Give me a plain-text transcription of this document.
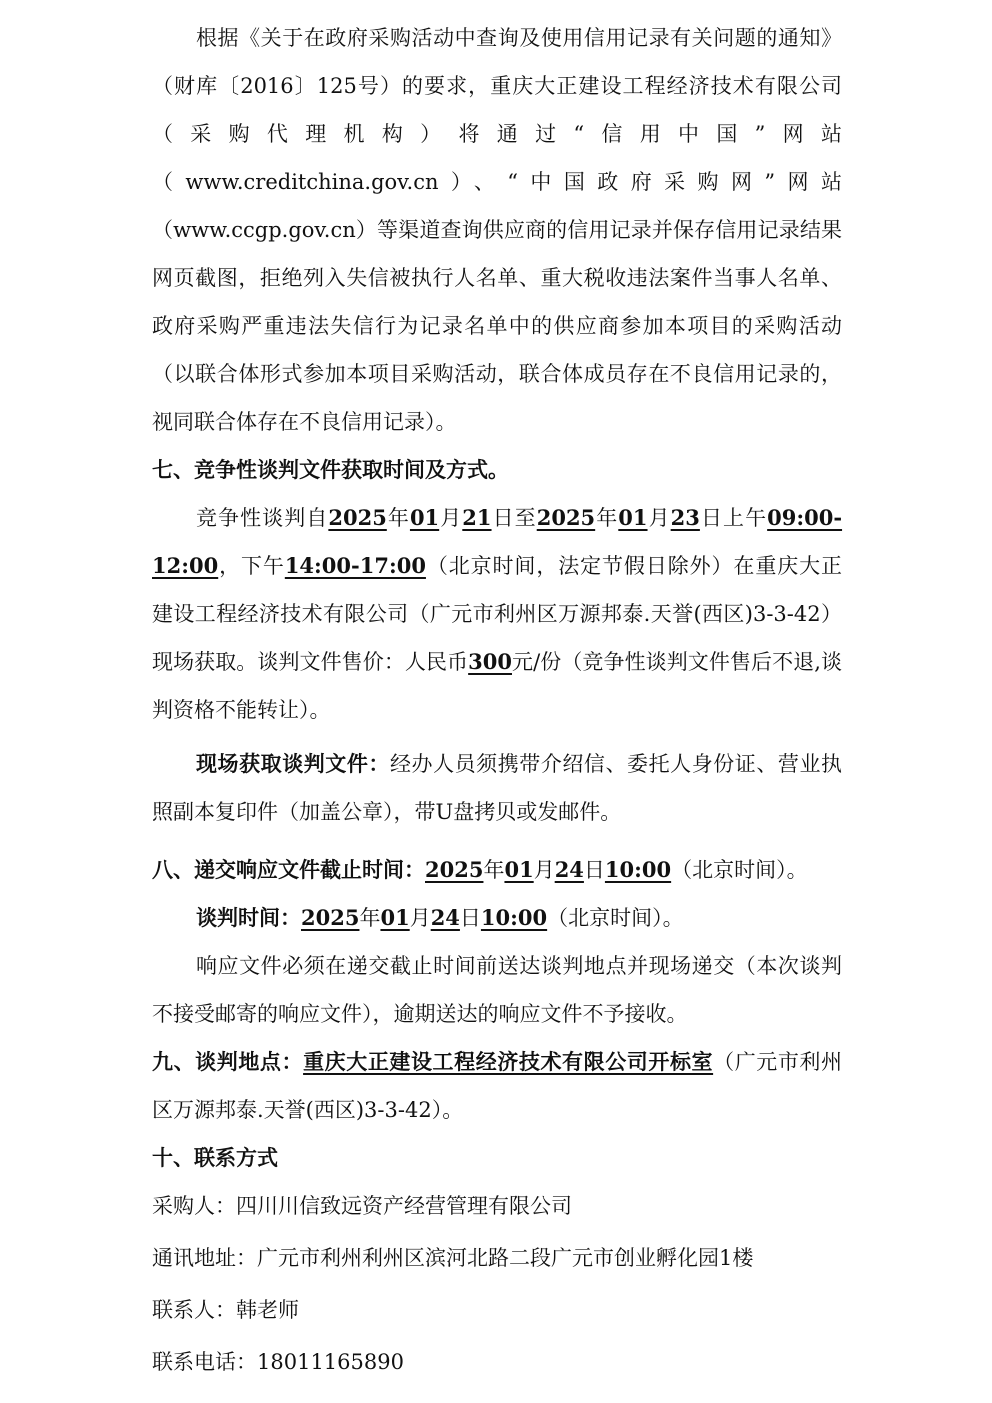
根据《关于在政府采购活动中查询及使用信用记录有关问题的通知》（财库〔2016〕125号）的要求，重庆大正建设工程经济技术有限公司（采购代理机构）将通过“信用中国”网站（www.creditchina.gov.cn）、“中国政府采购网”网站（www.ccgp.gov.cn）等渠道查询供应商的信用记录并保存信用记录结果网页截图，拒绝列入失信被执行人名单、重大税收违法案件当事人名单、政府采购严重违法失信行为记录名单中的供应商参加本项目的采购活动（以联合体形式参加本项目采购活动，联合体成员存在不良信用记录的，视同联合体存在不良信用记录）。

七、竞争性谈判文件获取时间及方式。

竞争性谈判自2025年01月21日至2025年01月23日上午09:00-12:00，下午14:00-17:00（北京时间，法定节假日除外）在重庆大正建设工程经济技术有限公司（广元市利州区万源邦泰.天誉(西区)3-3-42）现场获取。谈判文件售价：人民币300元/份（竞争性谈判文件售后不退,谈判资格不能转让）。

现场获取谈判文件：经办人员须携带介绍信、委托人身份证、营业执照副本复印件（加盖公章），带U盘拷贝或发邮件。

八、递交响应文件截止时间：2025年01月24日10:00（北京时间）。

谈判时间：2025年01月24日10:00（北京时间）。

响应文件必须在递交截止时间前送达谈判地点并现场递交（本次谈判不接受邮寄的响应文件），逾期送达的响应文件不予接收。

九、谈判地点：重庆大正建设工程经济技术有限公司开标室（广元市利州区万源邦泰.天誉(西区)3-3-42）。

十、联系方式

采购人：四川川信致远资产经营管理有限公司

通讯地址：广元市利州利州区滨河北路二段广元市创业孵化园1楼

联系人：韩老师

联系电话：18011165890
